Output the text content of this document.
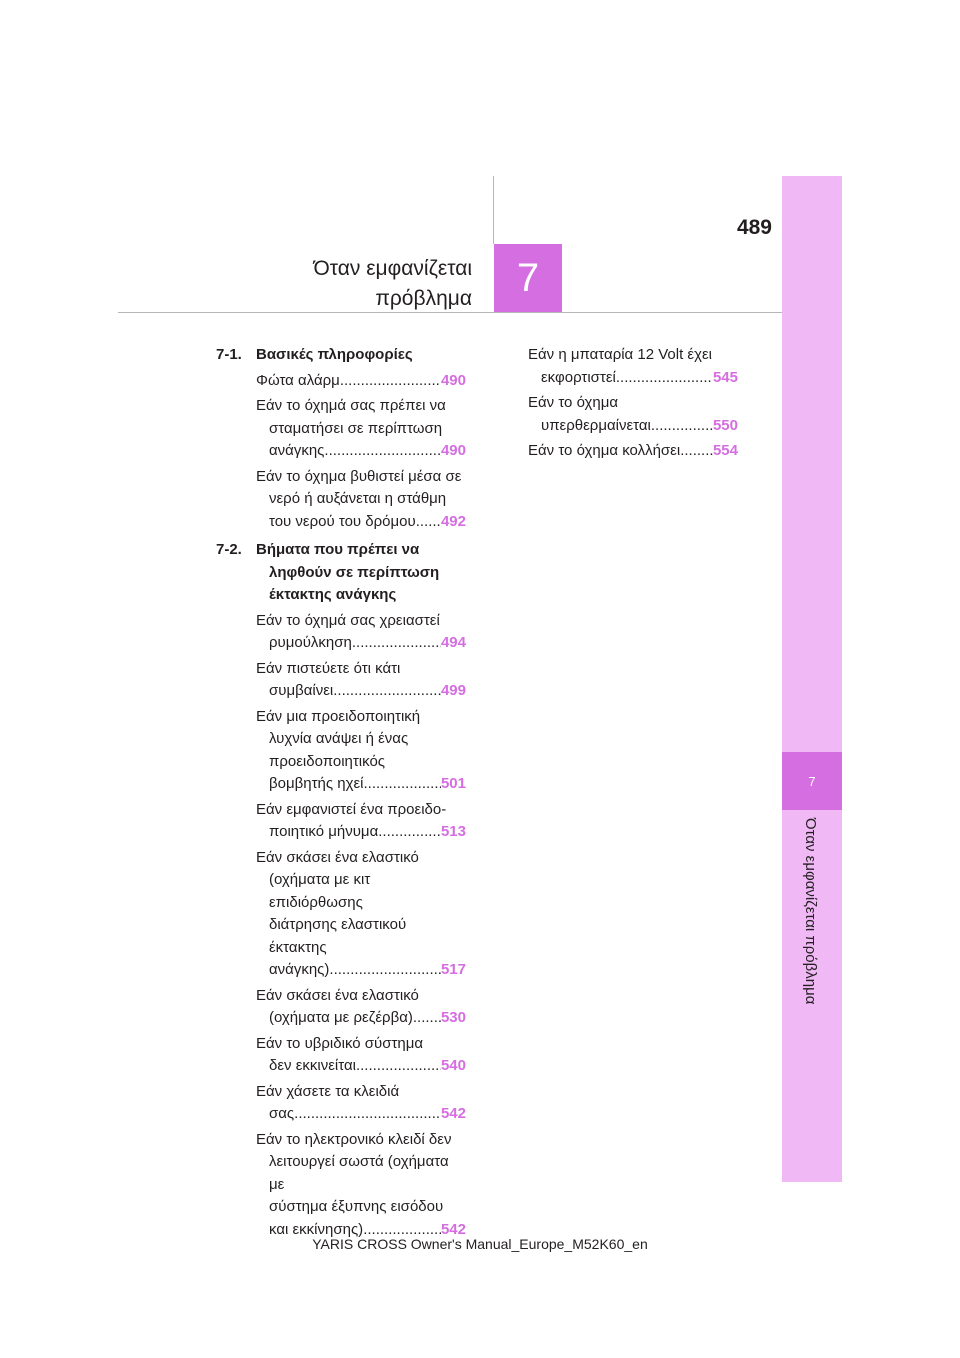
7
Όταν εμφανίζεται πρόβλημα
489
Όταν εμφανίζεται
πρόβλημα	7
7-1. Βασικές πληροφορίες
Φώτα αλάρμ .....	490
Εάν το όχημά σας πρέπει να
σταματήσει σε περίπτωση
ανάγκης .....	490
Εάν το όχημα βυθιστεί μέσα σε
νερό ή αυξάνεται η στάθμη
του νερού του δρόμου ..... 492
7-2. Βήματα που πρέπει να
ληφθούν σε περίπτωση
έκτακτης ανάγκης
Εάν το όχημά σας χρειαστεί
ρυμούλκηση .....	494
Εάν πιστεύετε ότι κάτι
συμβαίνει .....	499
Εάν μια προειδοποιητική
λυχνία ανάψει ή ένας
προειδοποιητικός
βομβητής ηχεί .....	501
Εάν εμφανιστεί ένα προειδο-
ποιητικό μήνυμα .....	513
Εάν σκάσει ένα ελαστικό
(οχήματα με κιτ επιδιόρθωσης
διάτρησης ελαστικού έκτακτης
ανάγκης) .....	517
Εάν σκάσει ένα ελαστικό
(οχήματα με ρεζέρβα) ..... 530
Εάν το υβριδικό σύστημα
δεν εκκινείται .....	540
Εάν χάσετε τα κλειδιά
σας .....	542
Εάν το ηλεκτρονικό κλειδί δεν
λειτουργεί σωστά (οχήματα με
σύστημα έξυπνης εισόδου
και εκκίνησης) .....	542
Εάν η μπαταρία 12 Volt έχει
εκφορτιστεί .....	545
Εάν το όχημα
υπερθερμαίνεται .....	550
Εάν το όχημα κολλήσει ..... 554
YARIS CROSS Owner's Manual_Europe_M52K60_en
